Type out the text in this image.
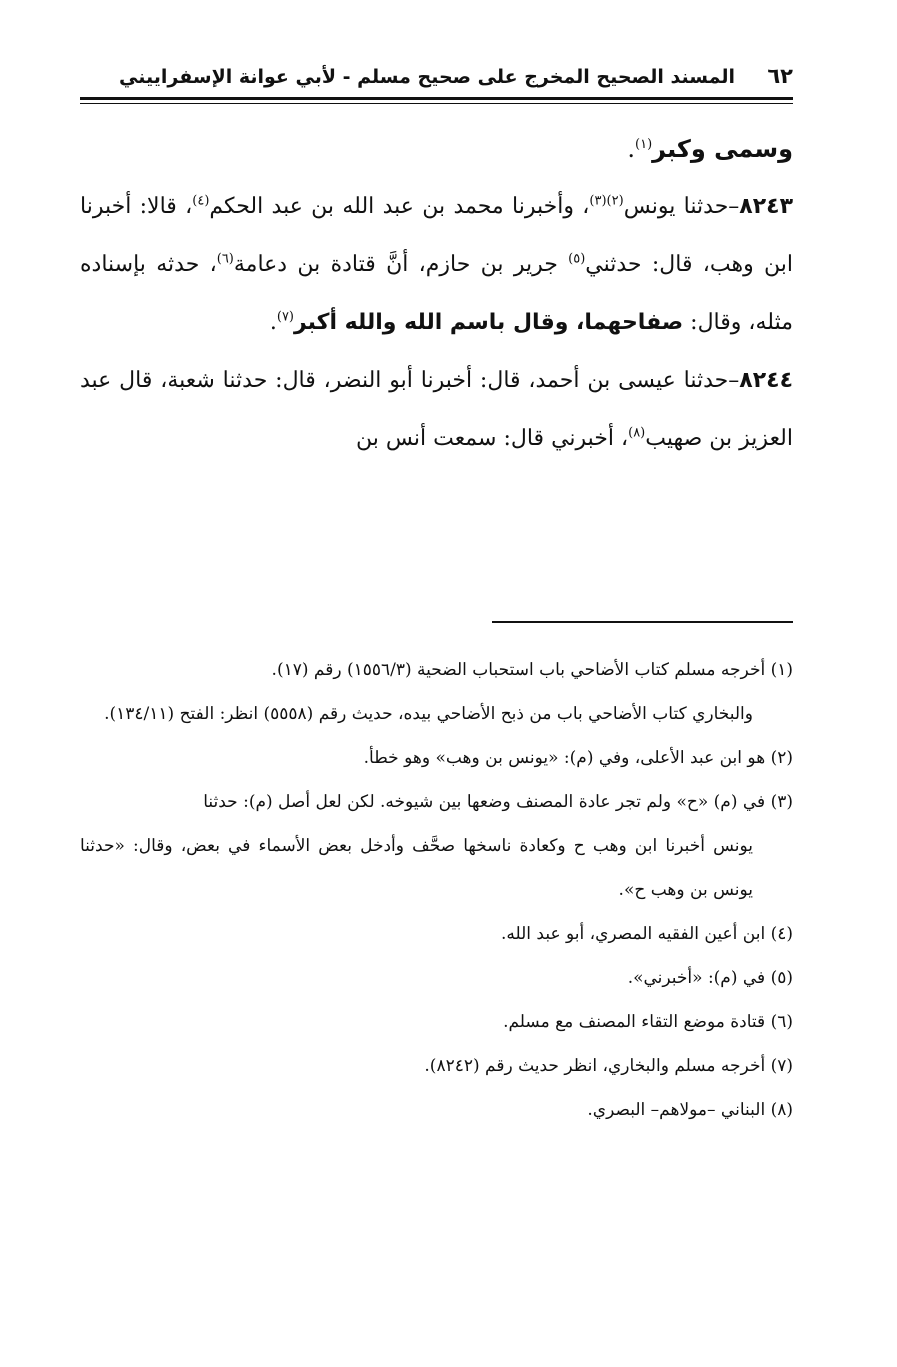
٦٢
المسند الصحيح المخرج على صحيح مسلم - لأبي عوانة الإسفراييني

وسمى وكبر$^{(١)}$.

٨٢٤٣–حدثنا يونس$^{(٢)(٣)}$، وأخبرنا محمد بن عبد الله بن عبد الحكم$^{(٤)}$، قالا: أخبرنا ابن وهب، قال: حدثني$^{(٥)}$ جرير بن حازم، أنَّ قتادة بن دعامة$^{(٦)}$، حدثه بإسناده مثله، وقال: صفاحهما، وقال باسم الله والله أكبر$^{(٧)}$.

٨٢٤٤–حدثنا عيسى بن أحمد، قال: أخبرنا أبو النضر، قال: حدثنا شعبة، قال عبد العزيز بن صهيب$^{(٨)}$، أخبرني قال: سمعت أنس بن

(١) أخرجه مسلم كتاب الأضاحي باب استحباب الضحية (١٥٥٦/٣) رقم (١٧).
والبخاري كتاب الأضاحي باب من ذبح الأضاحي بيده، حديث رقم (٥٥٥٨) انظر: الفتح (١٣٤/١١).

(٢) هو ابن عبد الأعلى، وفي (م): «يونس بن وهب» وهو خطأ.

(٣) في (م) «ح» ولم تجر عادة المصنف وضعها بين شيوخه. لكن لعل أصل (م): حدثنا
يونس أخبرنا ابن وهب ح وكعادة ناسخها صحَّف وأدخل بعض الأسماء في بعض، وقال: «حدثنا يونس بن وهب ح».

(٤) ابن أعين الفقيه المصري، أبو عبد الله.

(٥) في (م): «أخبرني».

(٦) قتادة موضع التقاء المصنف مع مسلم.

(٧) أخرجه مسلم والبخاري، انظر حديث رقم (٨٢٤٢).

(٨) البناني –مولاهم– البصري.
